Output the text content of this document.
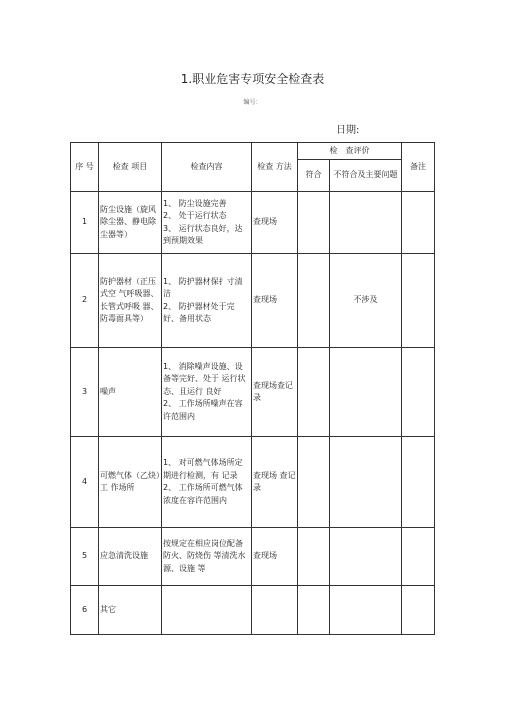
1.职业危害专项安全检查表
编号：
日期:
序 号	检查 项目	检查内容	检查 方法	检　查评价		备注
				符合	不符合及主要问题	
1	防尘设施（旋风除尘器、静电除 尘器等）	1、 防尘设施完善
2、 处于运行状态
3、 运行状态良好，达到预期效果	查现场			
2	防护器材（正压式空 气呼吸器、 长管式呼吸 器、防毒面具等）	1、 防护器材保扌寸清 洁
2、 防护器材处于完好、备用状态	查现场		不涉及	
3	噪声	1、 消除噪声设施、设备等完好、处于 运行状态、且运行 良好
2、 工作场所噪声在容许范围内	查现场查记录			
4	可燃气体（乙炔）工 作场所	1、 对可燃气体场所定期进行检测，有 记录
2、 工作场所可燃气体浓度在容许范围内	查现场 查记录			
5	应急清洗设施	按规定在相应岗位配备防火、防烧伤 等清洗水源、设施 等	查现场			
6	其它					
